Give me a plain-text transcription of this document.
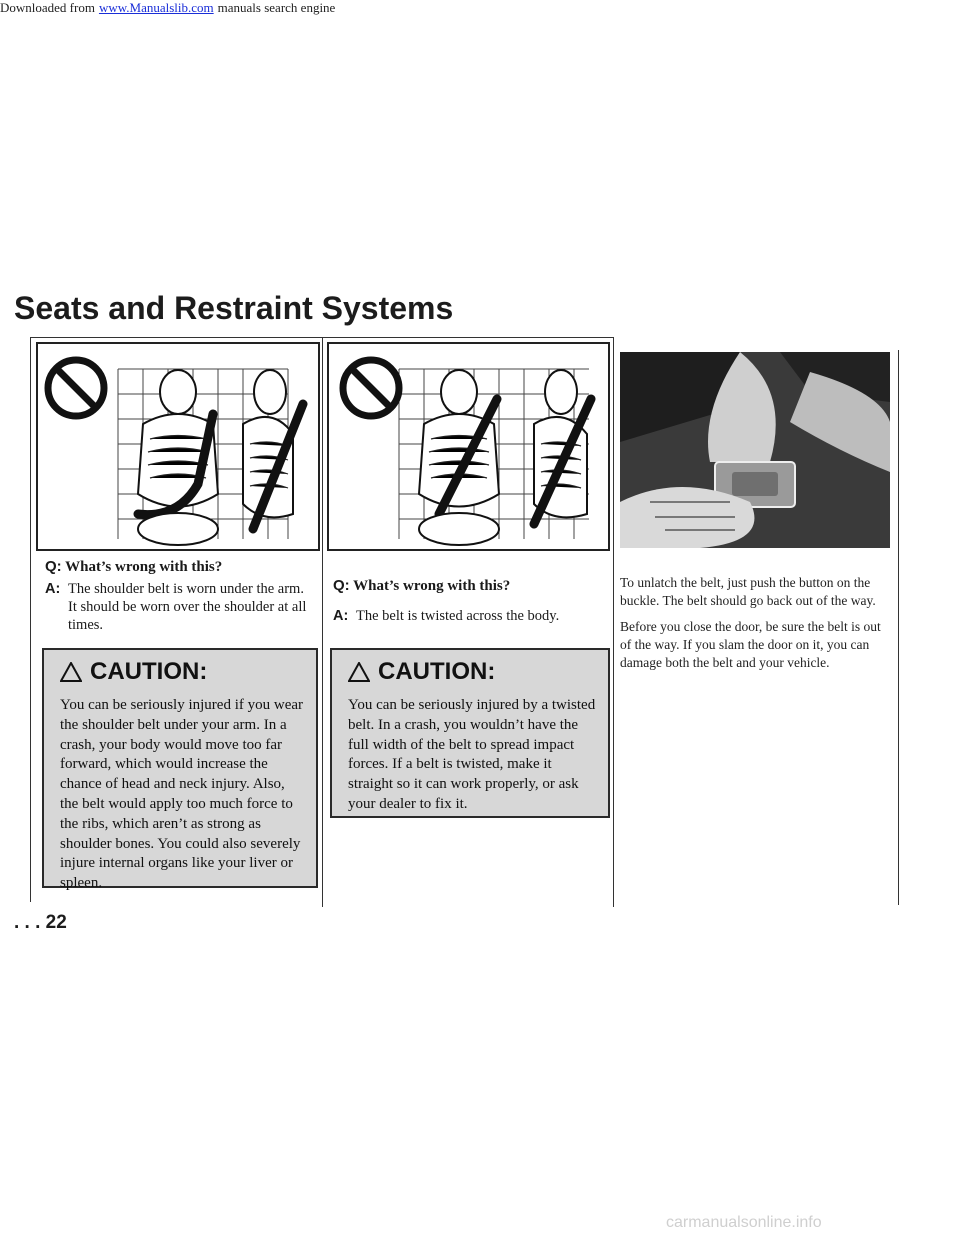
Downloaded from www.Manualslib.com manuals search engine
Seats and Restraint Systems
Q: What’s wrong with this?
A: The shoulder belt is worn under the arm. It should be worn over the shoulder at all times.
CAUTION:
You can be seriously injured if you wear the shoulder belt under your arm. In a crash, your body would move too far forward, which would increase the chance of head and neck injury. Also, the belt would apply too much force to the ribs, which aren’t as strong as shoulder bones. You could also severely injure internal organs like your liver or spleen.
Q: What’s wrong with this?
A: The belt is twisted across the body.
CAUTION:
You can be seriously injured by a twisted belt. In a crash, you wouldn’t have the full width of the belt to spread impact forces. If a belt is twisted, make it straight so it can work properly, or ask your dealer to fix it.

To unlatch the belt, just push the button on the buckle. The belt should go back out of the way.

Before you close the door, be sure the belt is out of the way. If you slam the door on it, you can damage both the belt and your vehicle.

. . . 22
carmanualsonline.info
